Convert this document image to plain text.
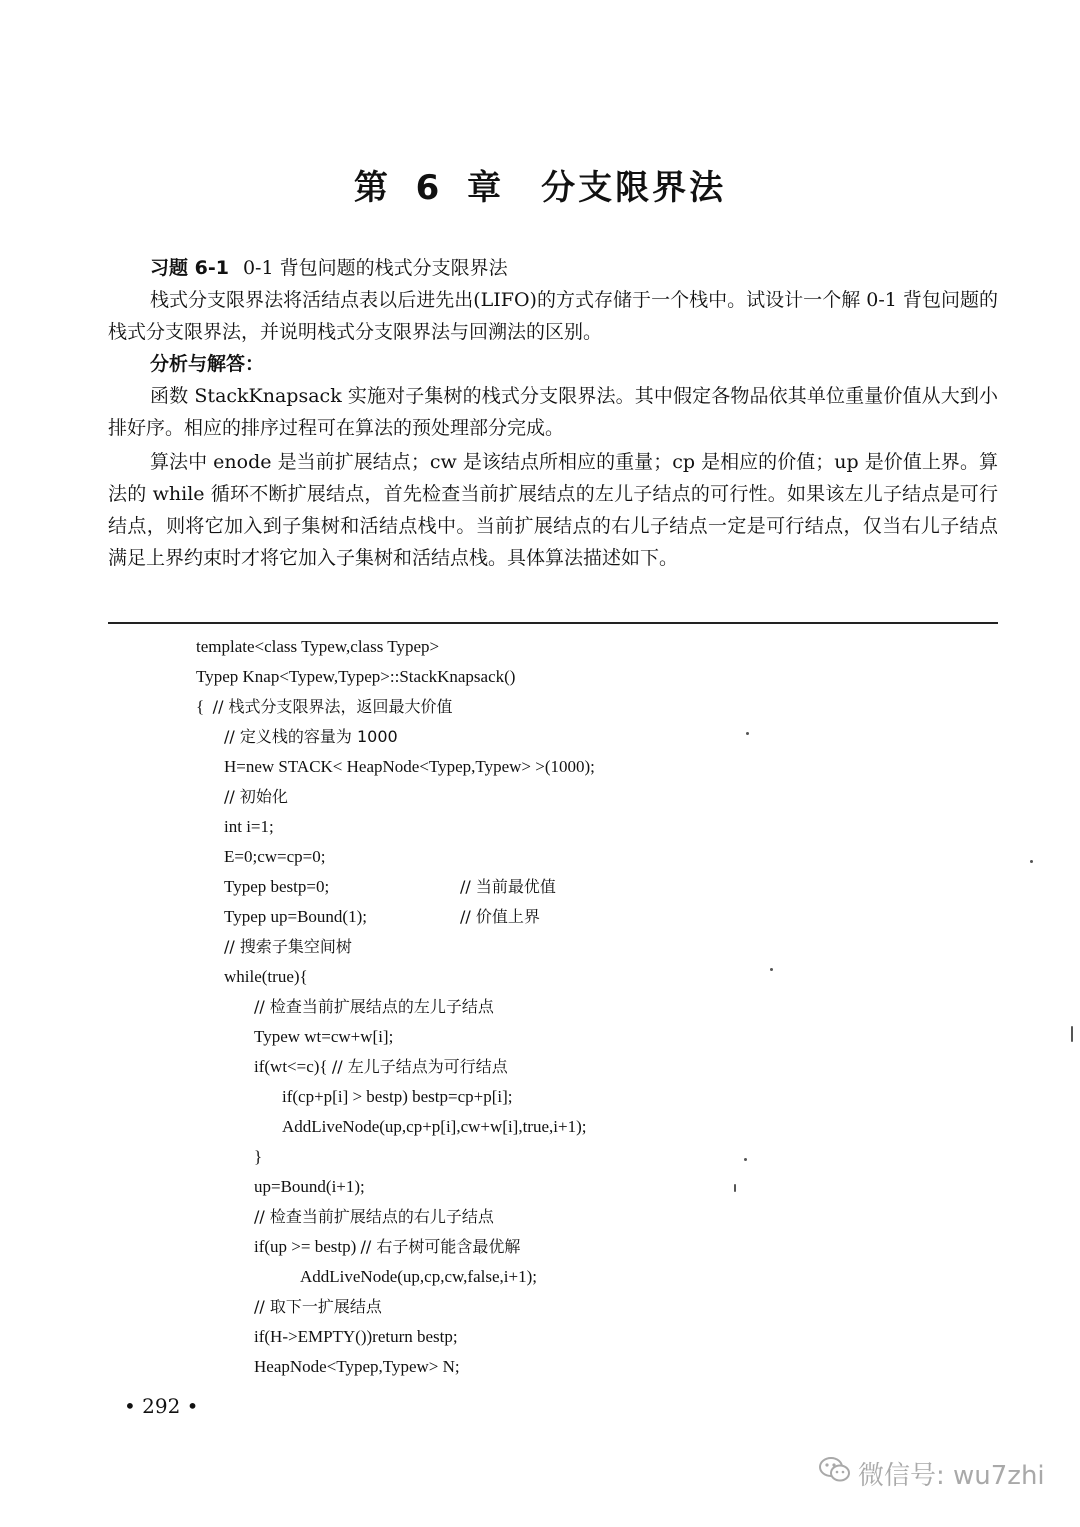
第 6 章　分支限界法
习题 6-1 0-1 背包问题的栈式分支限界法
栈式分支限界法将活结点表以后进先出(LIFO)的方式存储于一个栈中。试设计一个解 0-1 背包问题的栈式分支限界法，并说明栈式分支限界法与回溯法的区别。
分析与解答：
函数 StackKnapsack 实施对子集树的栈式分支限界法。其中假定各物品依其单位重量价值从大到小排好序。相应的排序过程可在算法的预处理部分完成。
算法中 enode 是当前扩展结点；cw 是该结点所相应的重量；cp 是相应的价值；up 是价值上界。算法的 while 循环不断扩展结点，首先检查当前扩展结点的左儿子结点的可行性。如果该左儿子结点是可行结点，则将它加入到子集树和活结点栈中。当前扩展结点的右儿子结点一定是可行结点，仅当右儿子结点满足上界约束时才将它加入子集树和活结点栈。具体算法描述如下。
template<class Typew,class Typep>
Typep Knap<Typew,Typep>::StackKnapsack()
{  // 栈式分支限界法，返回最大价值
// 定义栈的容量为 1000
H=new STACK< HeapNode<Typep,Typew> >(1000);
// 初始化
int i=1;
E=0;cw=cp=0;
Typep bestp=0;	// 当前最优值
Typep up=Bound(1);	// 价值上界
// 搜索子集空间树
while(true){
// 检查当前扩展结点的左儿子结点
Typew wt=cw+w[i];
if(wt<=c){ // 左儿子结点为可行结点
if(cp+p[i] > bestp) bestp=cp+p[i];
AddLiveNode(up,cp+p[i],cw+w[i],true,i+1);
}
up=Bound(i+1);
// 检查当前扩展结点的右儿子结点
if(up >= bestp) // 右子树可能含最优解
AddLiveNode(up,cp,cw,false,i+1);
// 取下一扩展结点
if(H->EMPTY())return bestp;
HeapNode<Typep,Typew> N;
• 292 •
微信号: wu7zhi
